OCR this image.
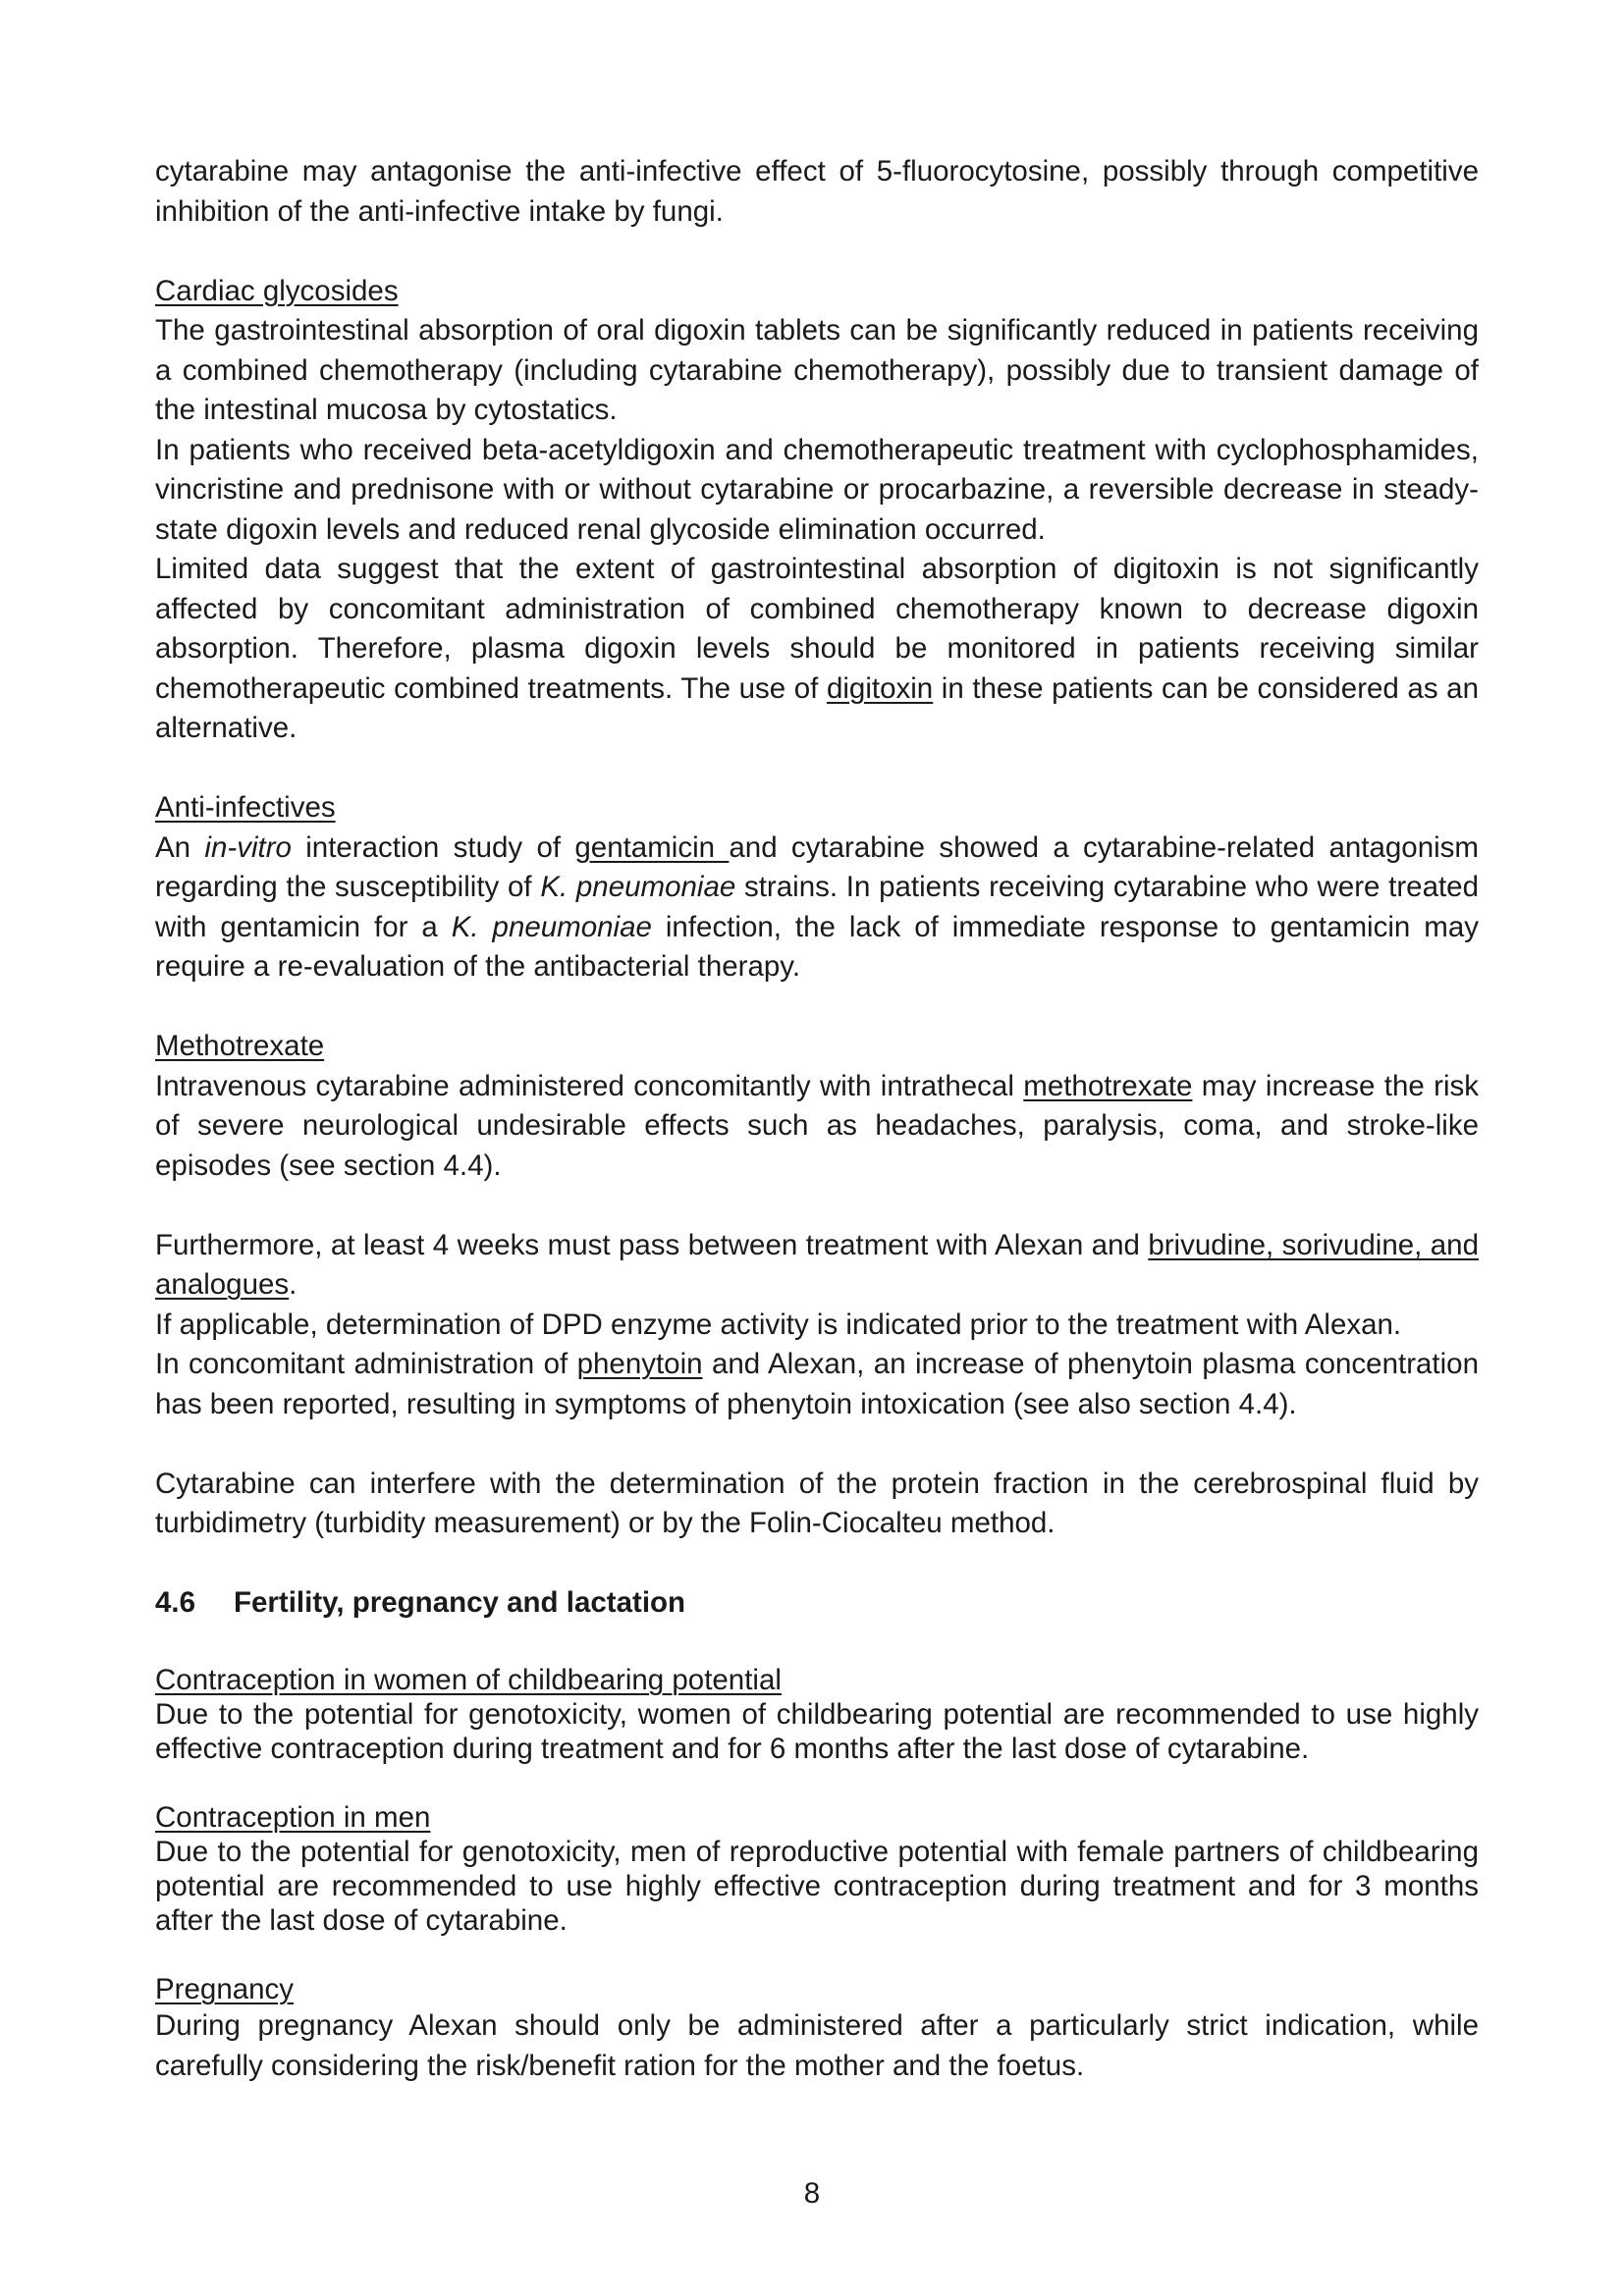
cytarabine may antagonise the anti-infective effect of 5-fluorocytosine, possibly through competitive inhibition of the anti-infective intake by fungi.

Cardiac glycosides

The gastrointestinal absorption of oral digoxin tablets can be significantly reduced in patients receiving a combined chemotherapy (including cytarabine chemotherapy), possibly due to transient damage of the intestinal mucosa by cytostatics.

In patients who received beta-acetyldigoxin and chemotherapeutic treatment with cyclophosphamides, vincristine and prednisone with or without cytarabine or procarbazine, a reversible decrease in steady-state digoxin levels and reduced renal glycoside elimination occurred.

Limited data suggest that the extent of gastrointestinal absorption of digitoxin is not significantly affected by concomitant administration of combined chemotherapy known to decrease digoxin absorption. Therefore, plasma digoxin levels should be monitored in patients receiving similar chemotherapeutic combined treatments. The use of digitoxin in these patients can be considered as an alternative.

Anti-infectives

An in-vitro interaction study of gentamicin and cytarabine showed a cytarabine-related antagonism regarding the susceptibility of K. pneumoniae strains. In patients receiving cytarabine who were treated with gentamicin for a K. pneumoniae infection, the lack of immediate response to gentamicin may require a re-evaluation of the antibacterial therapy.

Methotrexate

Intravenous cytarabine administered concomitantly with intrathecal methotrexate may increase the risk of severe neurological undesirable effects such as headaches, paralysis, coma, and stroke-like episodes (see section 4.4).

Furthermore, at least 4 weeks must pass between treatment with Alexan and brivudine, sorivudine, and analogues.

If applicable, determination of DPD enzyme activity is indicated prior to the treatment with Alexan.

In concomitant administration of phenytoin and Alexan, an increase of phenytoin plasma concentration has been reported, resulting in symptoms of phenytoin intoxication (see also section 4.4).

Cytarabine can interfere with the determination of the protein fraction in the cerebrospinal fluid by turbidimetry (turbidity measurement) or by the Folin-Ciocalteu method.

4.6 Fertility, pregnancy and lactation

Contraception in women of childbearing potential

Due to the potential for genotoxicity, women of childbearing potential are recommended to use highly effective contraception during treatment and for 6 months after the last dose of cytarabine.

Contraception in men

Due to the potential for genotoxicity, men of reproductive potential with female partners of childbearing potential are recommended to use highly effective contraception during treatment and for 3 months after the last dose of cytarabine.

Pregnancy

During pregnancy Alexan should only be administered after a particularly strict indication, while carefully considering the risk/benefit ration for the mother and the foetus.

8
